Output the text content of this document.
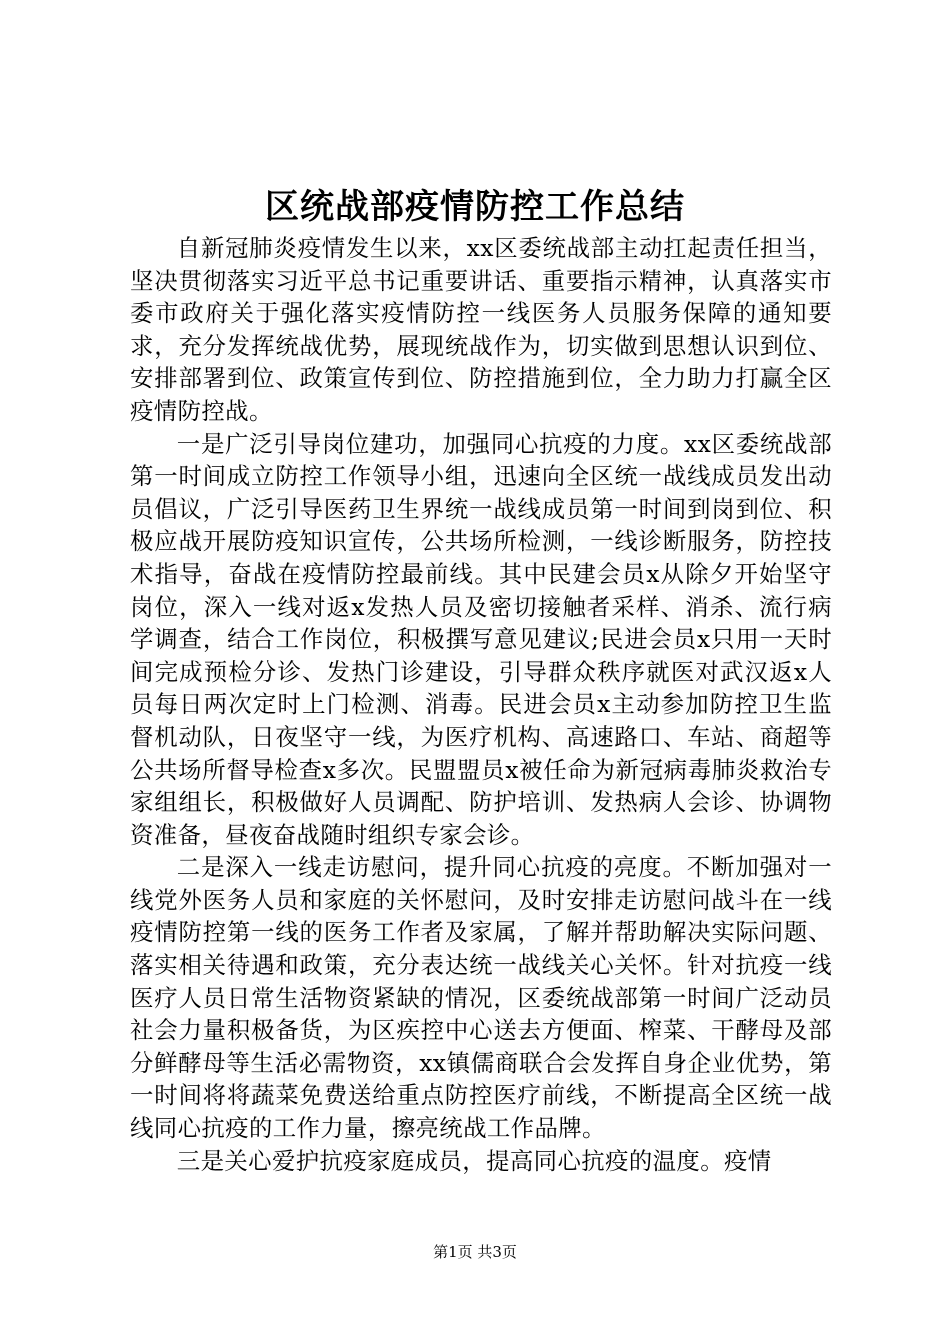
区统战部疫情防控工作总结

自新冠肺炎疫情发生以来，xx区委统战部主动扛起责任担当，坚决贯彻落实习近平总书记重要讲话、重要指示精神，认真落实市委市政府关于强化落实疫情防控一线医务人员服务保障的通知要求，充分发挥统战优势，展现统战作为，切实做到思想认识到位、安排部署到位、政策宣传到位、防控措施到位，全力助力打赢全区疫情防控战。

一是广泛引导岗位建功，加强同心抗疫的力度。xx区委统战部第一时间成立防控工作领导小组，迅速向全区统一战线成员发出动员倡议，广泛引导医药卫生界统一战线成员第一时间到岗到位、积极应战开展防疫知识宣传，公共场所检测，一线诊断服务，防控技术指导，奋战在疫情防控最前线。其中民建会员x从除夕开始坚守岗位，深入一线对返x发热人员及密切接触者采样、消杀、流行病学调查，结合工作岗位，积极撰写意见建议;民进会员x只用一天时间完成预检分诊、发热门诊建设，引导群众秩序就医对武汉返x人员每日两次定时上门检测、消毒。民进会员x主动参加防控卫生监督机动队，日夜坚守一线，为医疗机构、高速路口、车站、商超等公共场所督导检查x多次。民盟盟员x被任命为新冠病毒肺炎救治专家组组长，积极做好人员调配、防护培训、发热病人会诊、协调物资准备，昼夜奋战随时组织专家会诊。

二是深入一线走访慰问，提升同心抗疫的亮度。不断加强对一线党外医务人员和家庭的关怀慰问，及时安排走访慰问战斗在一线疫情防控第一线的医务工作者及家属，了解并帮助解决实际问题、落实相关待遇和政策，充分表达统一战线关心关怀。针对抗疫一线医疗人员日常生活物资紧缺的情况，区委统战部第一时间广泛动员社会力量积极备货，为区疾控中心送去方便面、榨菜、干酵母及部分鲜酵母等生活必需物资，xx镇儒商联合会发挥自身企业优势，第一时间将将蔬菜免费送给重点防控医疗前线，不断提高全区统一战线同心抗疫的工作力量，擦亮统战工作品牌。

三是关心爱护抗疫家庭成员，提高同心抗疫的温度。疫情

第1页 共3页
